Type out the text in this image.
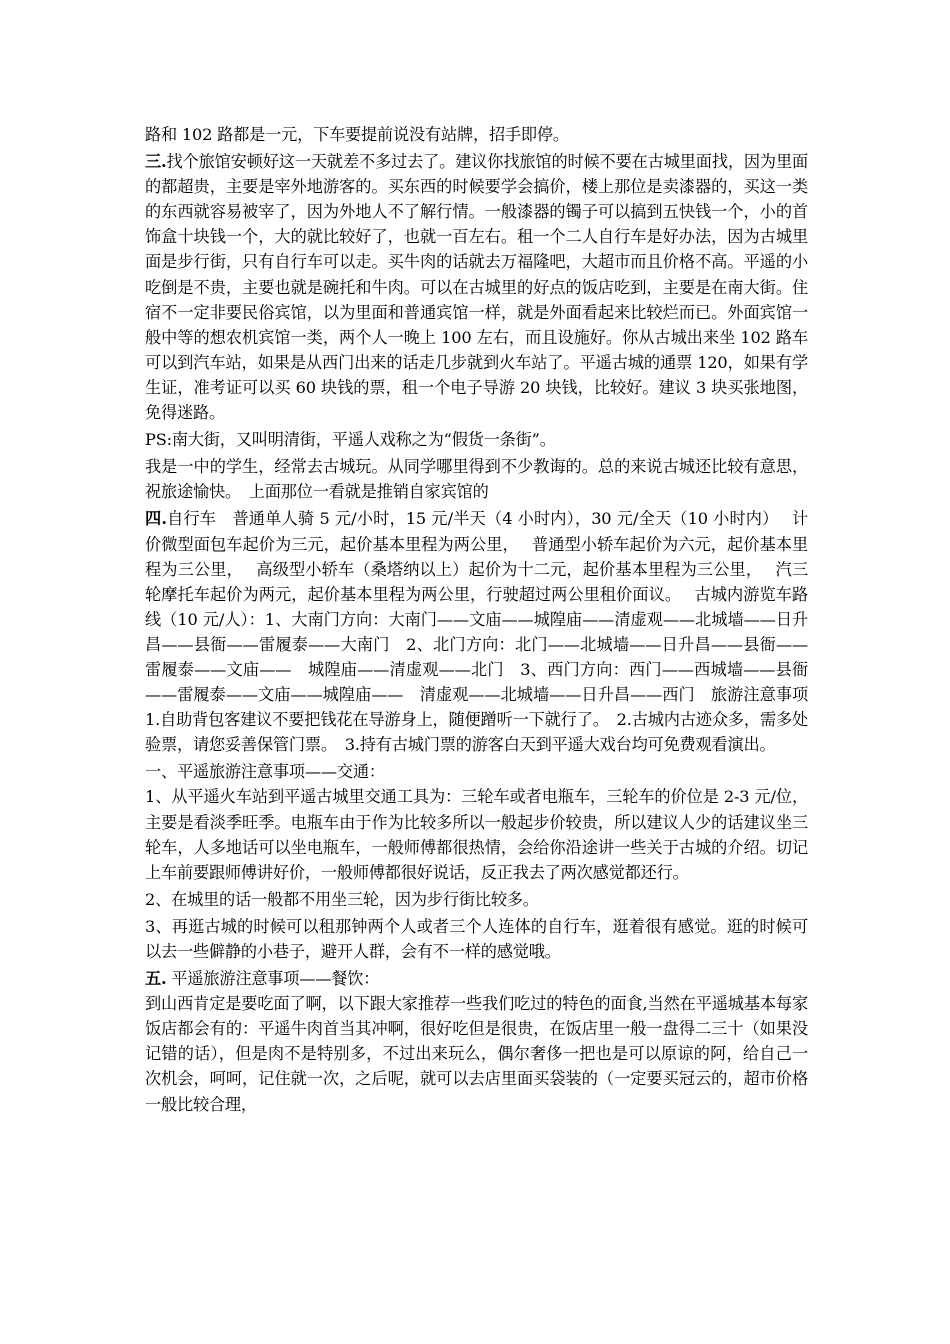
路和 102 路都是一元，下车要提前说没有站牌，招手即停。

三.找个旅馆安顿好这一天就差不多过去了。建议你找旅馆的时候不要在古城里面找，因为里面的都超贵，主要是宰外地游客的。买东西的时候要学会搞价，楼上那位是卖漆器的，买这一类的东西就容易被宰了，因为外地人不了解行情。一般漆器的镯子可以搞到五快钱一个，小的首饰盒十块钱一个，大的就比较好了，也就一百左右。租一个二人自行车是好办法，因为古城里面是步行街，只有自行车可以走。买牛肉的话就去万福隆吧，大超市而且价格不高。平遥的小吃倒是不贵，主要也就是碗托和牛肉。可以在古城里的好点的饭店吃到，主要是在南大街。住宿不一定非要民俗宾馆，以为里面和普通宾馆一样，就是外面看起来比较烂而已。外面宾馆一般中等的想农机宾馆一类，两个人一晚上 100 左右，而且设施好。你从古城出来坐 102 路车可以到汽车站，如果是从西门出来的话走几步就到火车站了。平遥古城的通票 120，如果有学生证，准考证可以买 60 块钱的票，租一个电子导游 20 块钱，比较好。建议 3 块买张地图，免得迷路。

PS:南大街，又叫明清街，平遥人戏称之为“假货一条街”。

我是一中的学生，经常去古城玩。从同学哪里得到不少教诲的。总的来说古城还比较有意思，祝旅途愉快。　上面那位一看就是推销自家宾馆的

四.自行车　普通单人骑 5 元/小时，15 元/半天（4 小时内），30 元/全天（10 小时内）　 计价微型面包车起价为三元，起价基本里程为两公里，　 普通型小轿车起价为六元，起价基本里程为三公里，　 高级型小轿车（桑塔纳以上）起价为十二元，起价基本里程为三公里，　 汽三轮摩托车起价为两元，起价基本里程为两公里，行驶超过两公里租价面议。　 古城内游览车路线（10 元/人）：1、大南门方向：大南门——文庙——城隍庙——清虚观——北城墙——日升昌——县衙——雷履泰——大南门　2、北门方向：北门——北城墙——日升昌——县衙——雷履泰——文庙——　城隍庙——清虚观——北门　3、西门方向：西门——西城墙——县衙——雷履泰——文庙——城隍庙——　清虚观——北城墙——日升昌——西门　旅游注意事项　1.自助背包客建议不要把钱花在导游身上，随便蹭听一下就行了。　2.古城内古迹众多，需多处验票，请您妥善保管门票。　3.持有古城门票的游客白天到平遥大戏台均可免费观看演出。

一、平遥旅游注意事项——交通：

1、从平遥火车站到平遥古城里交通工具为：三轮车或者电瓶车，三轮车的价位是 2-3 元/位，主要是看淡季旺季。电瓶车由于作为比较多所以一般起步价较贵，所以建议人少的话建议坐三轮车，人多地话可以坐电瓶车，一般师傅都很热情，会给你沿途讲一些关于古城的介绍。切记上车前要跟师傅讲好价，一般师傅都很好说话，反正我去了两次感觉都还行。

2、在城里的话一般都不用坐三轮，因为步行街比较多。

3、再逛古城的时候可以租那钟两个人或者三个人连体的自行车，逛着很有感觉。逛的时候可以去一些僻静的小巷子，避开人群，会有不一样的感觉哦。

五. 平遥旅游注意事项——餐饮：

到山西肯定是要吃面了啊，以下跟大家推荐一些我们吃过的特色的面食,当然在平遥城基本每家饭店都会有的：平遥牛肉首当其冲啊，很好吃但是很贵，在饭店里一般一盘得二三十（如果没记错的话），但是肉不是特别多，不过出来玩么，偶尔奢侈一把也是可以原谅的阿，给自己一次机会，呵呵，记住就一次，之后呢，就可以去店里面买袋装的（一定要买冠云的，超市价格一般比较合理，
